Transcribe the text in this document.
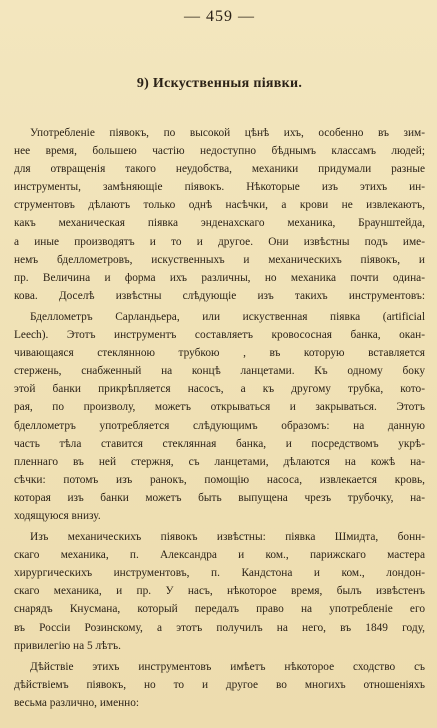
— 459 —
9) Искуственныя піявки.
Употребленіе піявокъ, по высокой цѣнѣ ихъ, особенно въ зим-
нее время, большею частію недоступно бѣднымъ классамъ людей;
для отвращенія такого неудобства, механики придумали разные
инструменты, замѣняющіе піявокъ. Нѣкоторые изъ этихъ ин-
струментовъ дѣлаютъ только однѣ насѣчки, а крови не извлекаютъ,
какъ механическая піявка энденахскаго механика, Браунштейда,
а иные производятъ и то и другое. Они извѣстны подъ име-
немъ бделлометровъ, искуственныхъ и механическихъ піявокъ, и
пр. Величина и форма ихъ различны, но механика почти одина-
кова. Доселѣ извѣстны слѣдующіе изъ такихъ инструментовъ:
Бделлометръ Сарландьера, или искуственная піявка (artificial
Leech). Этотъ инструментъ составляетъ кровососная банка, окан-
чивающаяся стеклянною трубкою , въ которую вставляется
стержень, снабженный на концѣ ланцетами. Къ одному боку
этой банки прикрѣпляется насосъ, а къ другому трубка, кото-
рая, по произволу, можетъ открываться и закрываться. Этотъ
бделлометръ употребляется слѣдующимъ образомъ: на данную
часть тѣла ставится стеклянная банка, и посредствомъ укрѣ-
пленнаго въ ней стержня, съ ланцетами, дѣлаются на кожѣ на-
сѣчки: потомъ изъ ранокъ, помощію насоса, извлекается кровь,
которая изъ банки можетъ быть выпущена чрезъ трубочку, на-
ходящуюся внизу.
Изъ механическихъ піявокъ извѣстны: піявка Шмидта, бонн-
скаго механика, п. Александра и ком., парижскаго мастера
хирургическихъ инструментовъ, п. Кандстона и ком., лондон-
скаго механика, и пр. У насъ, нѣкоторое время, былъ извѣстенъ
снарядъ Кнусмана, который передалъ право на употребленіе его
въ Россіи Розинскому, а этотъ получилъ на него, въ 1849 году,
привилегію на 5 лѣтъ.
Дѣйствіе этихъ инструментовъ имѣетъ нѣкоторое сходство съ
дѣйствіемъ піявокъ, но то и другое во многихъ отношеніяхъ
весьма различно, именно:
